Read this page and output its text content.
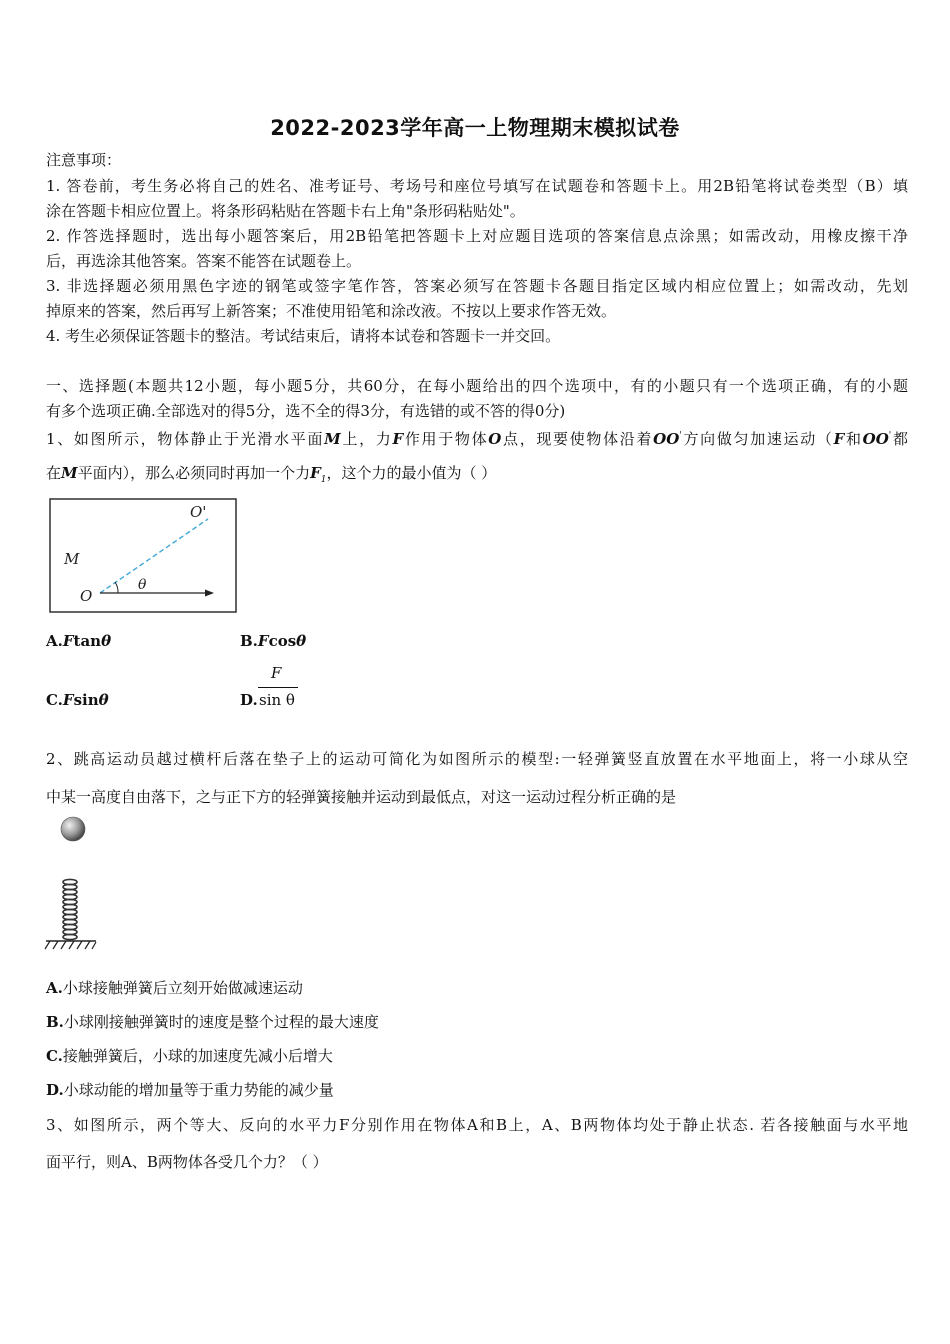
2022-2023学年高一上物理期末模拟试卷
注意事项：
1. 答卷前，考生务必将自己的姓名、准考证号、考场号和座位号填写在试题卷和答题卡上。用2B铅笔将试卷类型（B）填
涂在答题卡相应位置上。将条形码粘贴在答题卡右上角"条形码粘贴处"。
2. 作答选择题时，选出每小题答案后，用2B铅笔把答题卡上对应题目选项的答案信息点涂黑；如需改动，用橡皮擦干净
后，再选涂其他答案。答案不能答在试题卷上。
3. 非选择题必须用黑色字迹的钢笔或签字笔作答，答案必须写在答题卡各题目指定区域内相应位置上；如需改动，先划
掉原来的答案，然后再写上新答案；不准使用铅笔和涂改液。不按以上要求作答无效。
4. 考生必须保证答题卡的整洁。考试结束后，请将本试卷和答题卡一并交回。
一、选择题(本题共12小题，每小题5分，共60分，在每小题给出的四个选项中，有的小题只有一个选项正确，有的小题
有多个选项正确.全部选对的得5分，选不全的得3分，有选错的或不答的得0分)
1、如图所示，物体静止于光滑水平面M上，力F作用于物体O点，现要使物体沿着OO'方向做匀加速运动（F和OO'都
在M平面内），那么必须同时再加一个力$F_1$，这个力的最小值为（ ）
M
O
O'
θ
A.Ftanθ	B.Fcosθ
C.Fsinθ	D.
F
sin θ
2、跳高运动员越过横杆后落在垫子上的运动可简化为如图所示的模型:一轻弹簧竖直放置在水平地面上，将一小球从空
中某一高度自由落下，之与正下方的轻弹簧接触并运动到最低点，对这一运动过程分析正确的是
A.小球接触弹簧后立刻开始做减速运动
B.小球刚接触弹簧时的速度是整个过程的最大速度
C.接触弹簧后，小球的加速度先减小后增大
D.小球动能的增加量等于重力势能的减少量
3、如图所示，两个等大、反向的水平力F分别作用在物体A和B上，A、B两物体均处于静止状态. 若各接触面与水平地
面平行，则A、B两物体各受几个力？（ ）
